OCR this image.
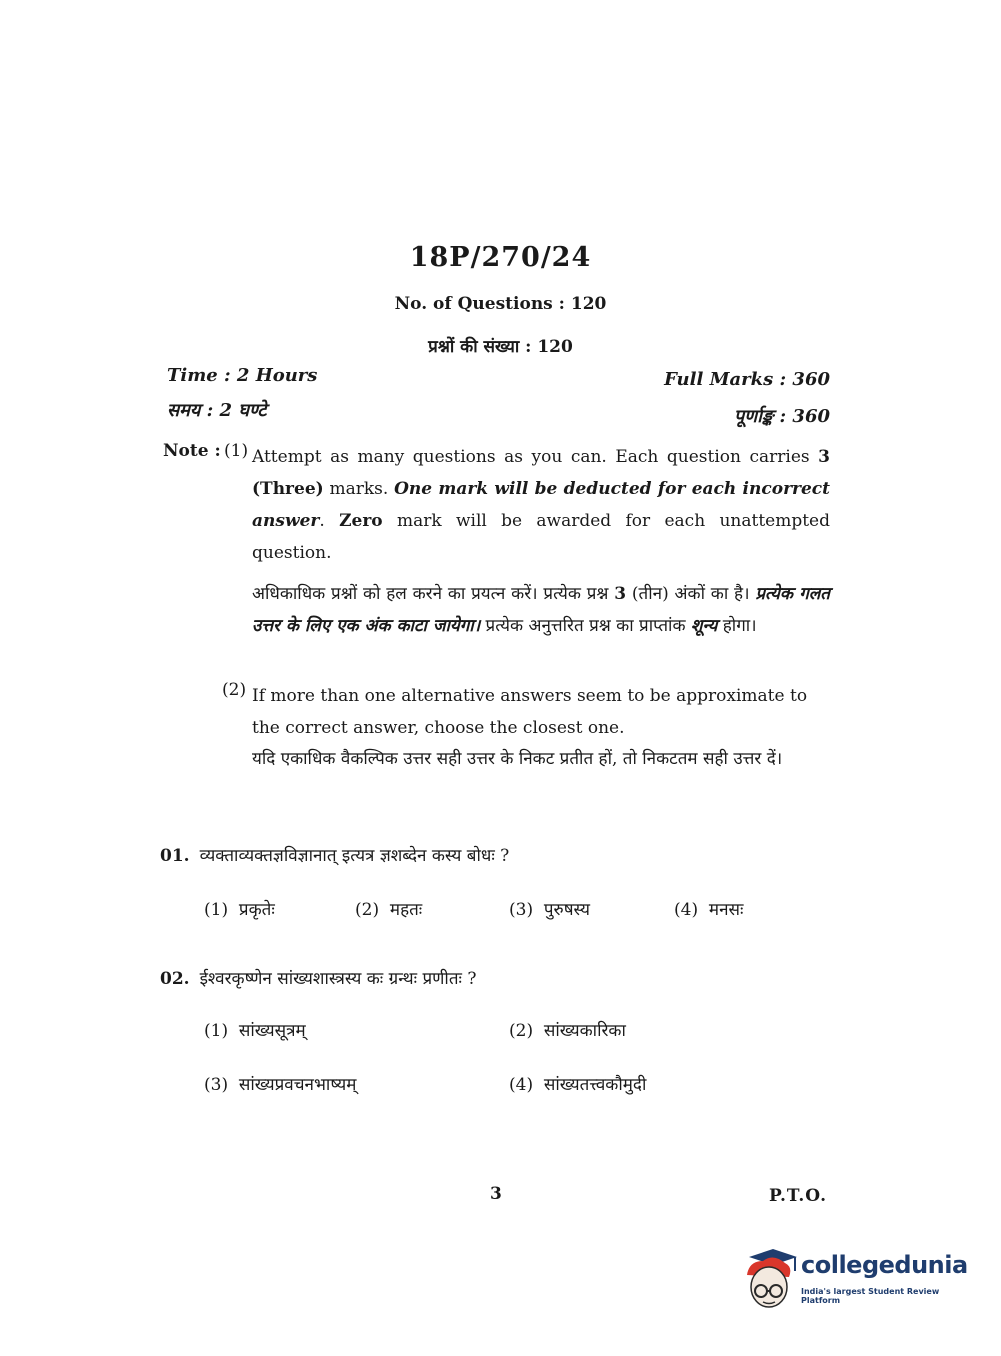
18P/270/24
No. of Questions : 120
प्रश्नों की संख्या : 120
Time : 2 Hours
समय : 2 घण्टे
Full Marks : 360
पूर्णाङ्क : 360
Note : (1) Attempt as many questions as you can. Each question carries 3 (Three) marks. One mark will be deducted for each incorrect answer. Zero mark will be awarded for each unattempted question.
अधिकाधिक प्रश्नों को हल करने का प्रयत्न करें। प्रत्येक प्रश्न 3 (तीन) अंकों का है। प्रत्येक गलत उत्तर के लिए एक अंक काटा जायेगा। प्रत्येक अनुत्तरित प्रश्न का प्राप्तांक शून्य होगा।
(2) If more than one alternative answers seem to be approximate to the correct answer, choose the closest one.
यदि एकाधिक वैकल्पिक उत्तर सही उत्तर के निकट प्रतीत हों, तो निकटतम सही उत्तर दें।
01. व्यक्ताव्यक्तज्ञविज्ञानात् इत्यत्र ज्ञशब्देन कस्य बोधः ?
(1) प्रकृतेः	(2) महतः	(3) पुरुषस्य	(4) मनसः
02. ईश्वरकृष्णेन सांख्यशास्त्रस्य कः ग्रन्थः प्रणीतः ?
(1) सांख्यसूत्रम्	(2) सांख्यकारिका
(3) सांख्यप्रवचनभाष्यम्	(4) सांख्यतत्त्वकौमुदी
3	P.T.O.
collegedunia
India's largest Student Review Platform
